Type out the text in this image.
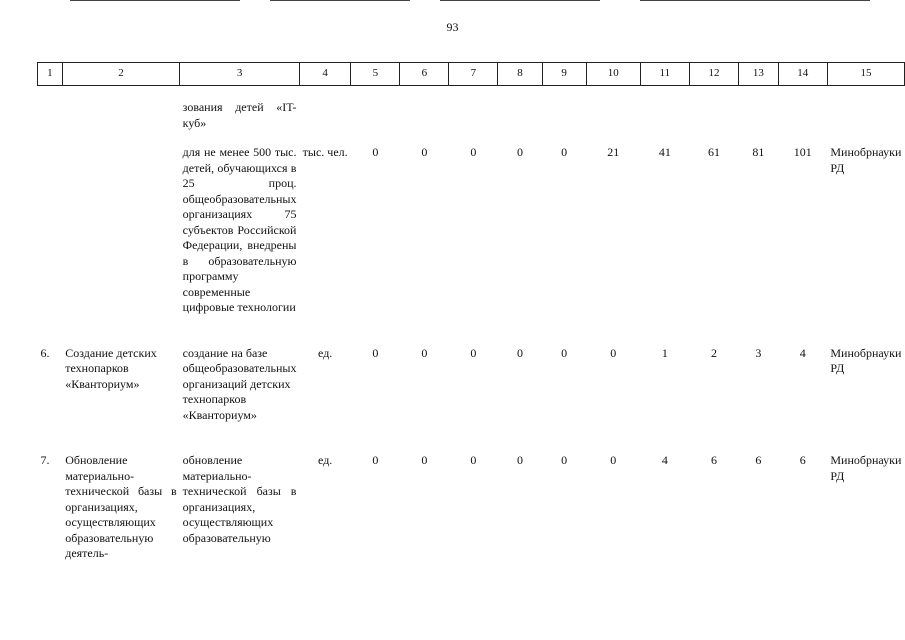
93
1	2	3	4	5	6	7	8	9	10	11	12	13	14	15

		зования детей «IT-куб»												

		для не менее 500 тыс. детей, обучающихся в 25 проц. общеобразовательных организациях 75 субъектов Российской Федерации, внедрены в образовательную программу современные цифровые технологии	тыс. чел.	0	0	0	0	0	21	41	61	81	101	Минобрнауки РД

6.	Создание детских технопарков «Кванториум»	создание на базе общеобразовательных организаций детских технопарков «Кванториум»	ед.	0	0	0	0	0	0	1	2	3	4	Минобрнауки РД

7.	Обновление материально-технической базы в организациях, осуществляющих образовательную деятель-	обновление материально-технической базы в организациях, осуществляющих образовательную	ед.	0	0	0	0	0	0	4	6	6	6	Минобрнауки РД
